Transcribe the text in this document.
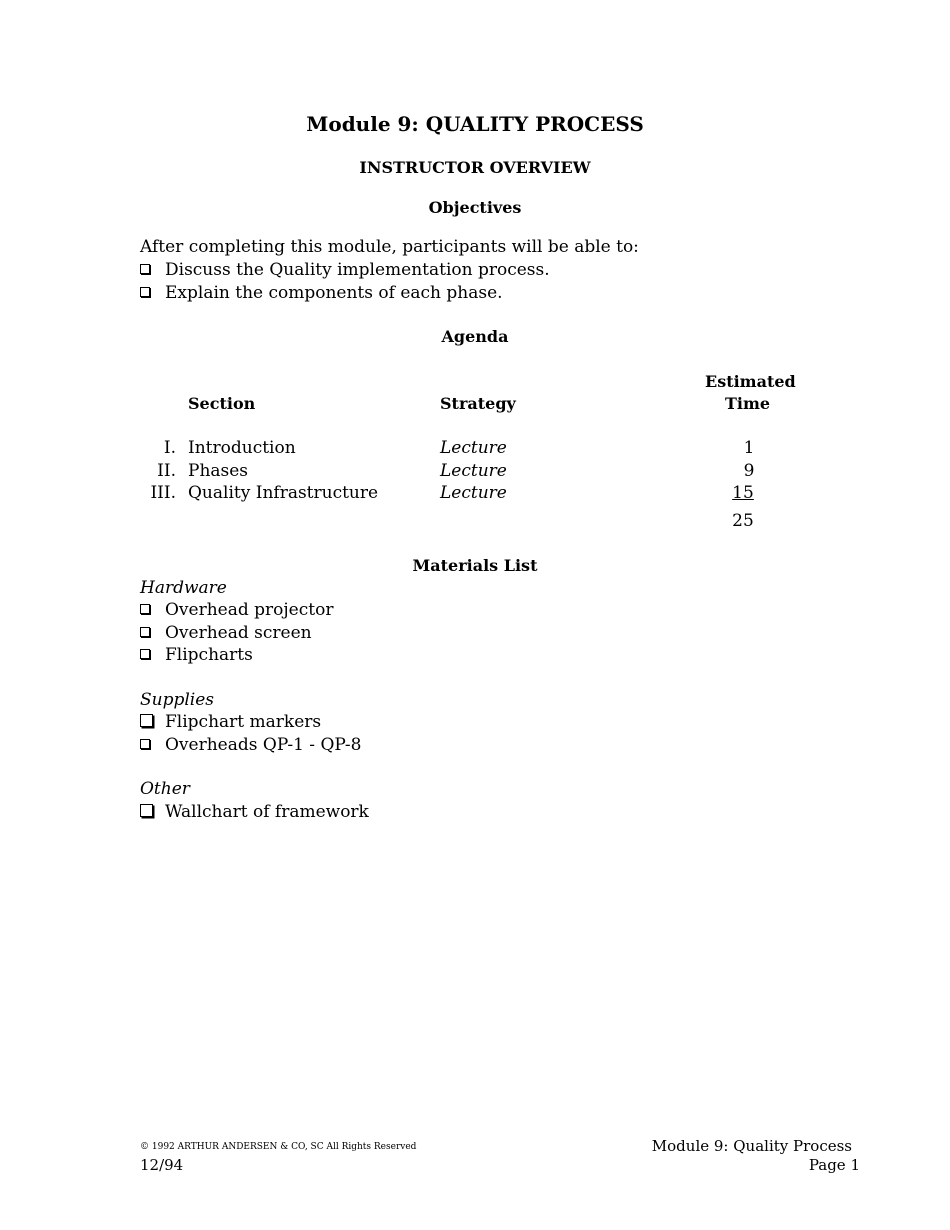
Module 9: QUALITY PROCESS
INSTRUCTOR OVERVIEW
Objectives
After completing this module, participants will be able to:
Discuss the Quality implementation process.
Explain the components of each phase.
Agenda
Estimated
Section	Strategy	Time
I. Introduction	Lecture	1
II. Phases	Lecture	9
III. Quality Infrastructure	Lecture	15
25
Materials List
Hardware
Overhead projector
Overhead screen
Flipcharts
Supplies
Flipchart markers
Overheads QP-1 - QP-8
Other
Wallchart of framework
© 1992 ARTHUR ANDERSEN & CO, SC All Rights Reserved
12/94
Module 9: Quality Process
Page 1
